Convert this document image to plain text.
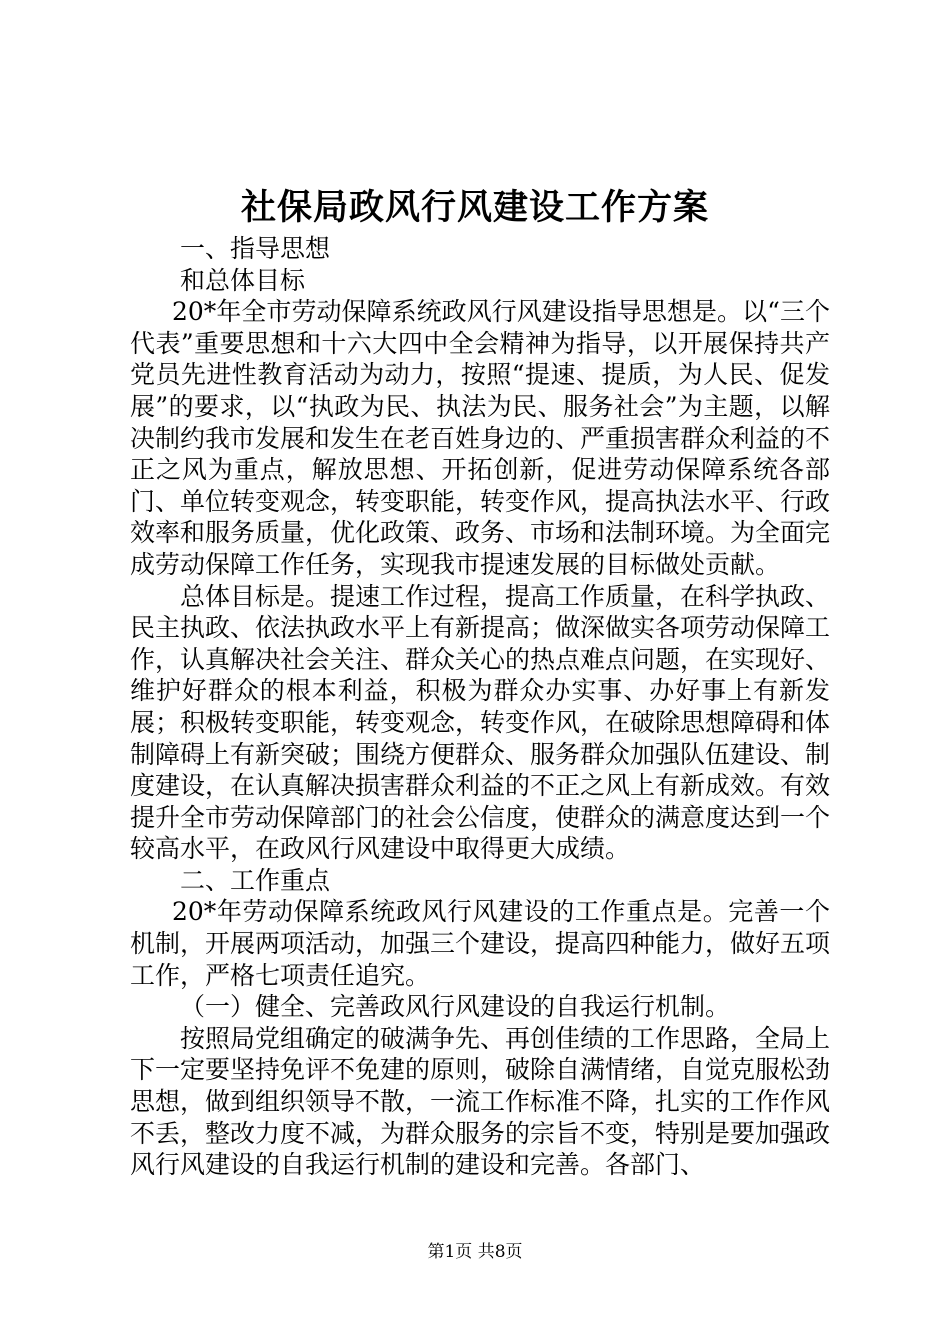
社保局政风行风建设工作方案

一、指导思想

和总体目标

20*年全市劳动保障系统政风行风建设指导思想是。以“三个代表”重要思想和十六大四中全会精神为指导，以开展保持共产党员先进性教育活动为动力，按照“提速、提质，为人民、促发展”的要求，以“执政为民、执法为民、服务社会”为主题，以解决制约我市发展和发生在老百姓身边的、严重损害群众利益的不正之风为重点，解放思想、开拓创新，促进劳动保障系统各部门、单位转变观念，转变职能，转变作风，提高执法水平、行政效率和服务质量，优化政策、政务、市场和法制环境。为全面完成劳动保障工作任务，实现我市提速发展的目标做处贡献。

总体目标是。提速工作过程，提高工作质量，在科学执政、民主执政、依法执政水平上有新提高；做深做实各项劳动保障工作，认真解决社会关注、群众关心的热点难点问题，在实现好、维护好群众的根本利益，积极为群众办实事、办好事上有新发展；积极转变职能，转变观念，转变作风，在破除思想障碍和体制障碍上有新突破；围绕方便群众、服务群众加强队伍建设、制度建设，在认真解决损害群众利益的不正之风上有新成效。有效提升全市劳动保障部门的社会公信度，使群众的满意度达到一个较高水平，在政风行风建设中取得更大成绩。

二、工作重点

20*年劳动保障系统政风行风建设的工作重点是。完善一个机制，开展两项活动，加强三个建设，提高四种能力，做好五项工作，严格七项责任追究。

（一）健全、完善政风行风建设的自我运行机制。

按照局党组确定的破满争先、再创佳绩的工作思路，全局上下一定要坚持免评不免建的原则，破除自满情绪，自觉克服松劲思想，做到组织领导不散，一流工作标准不降，扎实的工作作风不丢，整改力度不减，为群众服务的宗旨不变，特别是要加强政风行风建设的自我运行机制的建设和完善。各部门、

第1页 共8页
